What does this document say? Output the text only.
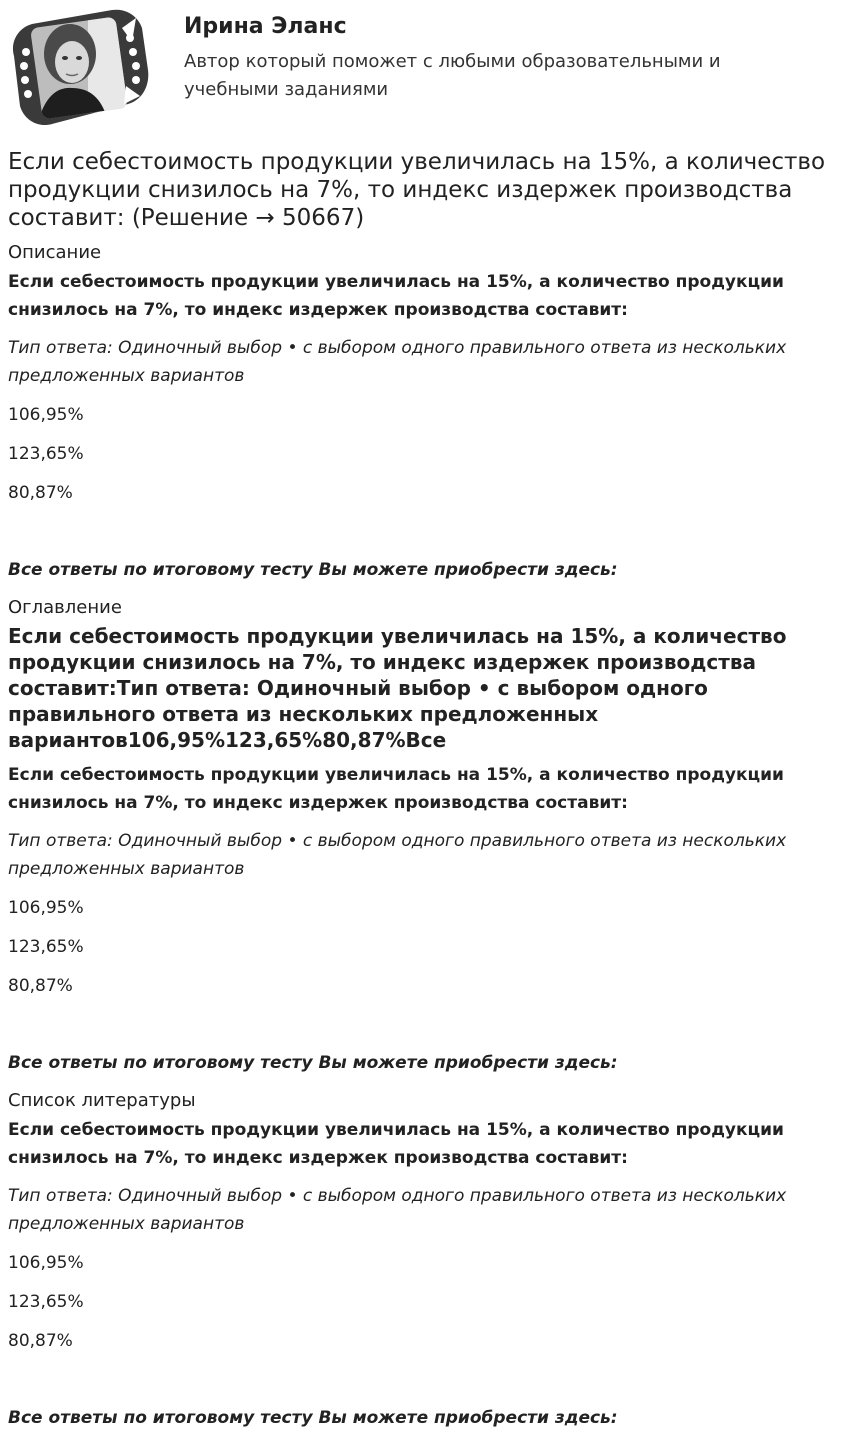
Ирина Эланс
Автор который поможет с любыми образовательными и учебными заданиями
Если себестоимость продукции увеличилась на 15%, а количество продукции снизилось на 7%, то индекс издержек производства составит: (Решение → 50667)

Описание

Если себестоимость продукции увеличилась на 15%, а количество продукции снизилось на 7%, то индекс издержек производства составит:

Тип ответа: Одиночный выбор • с выбором одного правильного ответа из нескольких предложенных вариантов

106,95%

123,65%

80,87%

Все ответы по итоговому тесту Вы можете приобрести здесь:

Оглавление

Если себестоимость продукции увеличилась на 15%, а количество продукции снизилось на 7%, то индекс издержек производства составит:Тип ответа: Одиночный выбор • с выбором одного правильного ответа из нескольких предложенных вариантов106,95%123,65%80,87%Все

Если себестоимость продукции увеличилась на 15%, а количество продукции снизилось на 7%, то индекс издержек производства составит:

Тип ответа: Одиночный выбор • с выбором одного правильного ответа из нескольких предложенных вариантов

106,95%

123,65%

80,87%

Все ответы по итоговому тесту Вы можете приобрести здесь:

Список литературы

Если себестоимость продукции увеличилась на 15%, а количество продукции снизилось на 7%, то индекс издержек производства составит:

Тип ответа: Одиночный выбор • с выбором одного правильного ответа из нескольких предложенных вариантов

106,95%

123,65%

80,87%

Все ответы по итоговому тесту Вы можете приобрести здесь:
